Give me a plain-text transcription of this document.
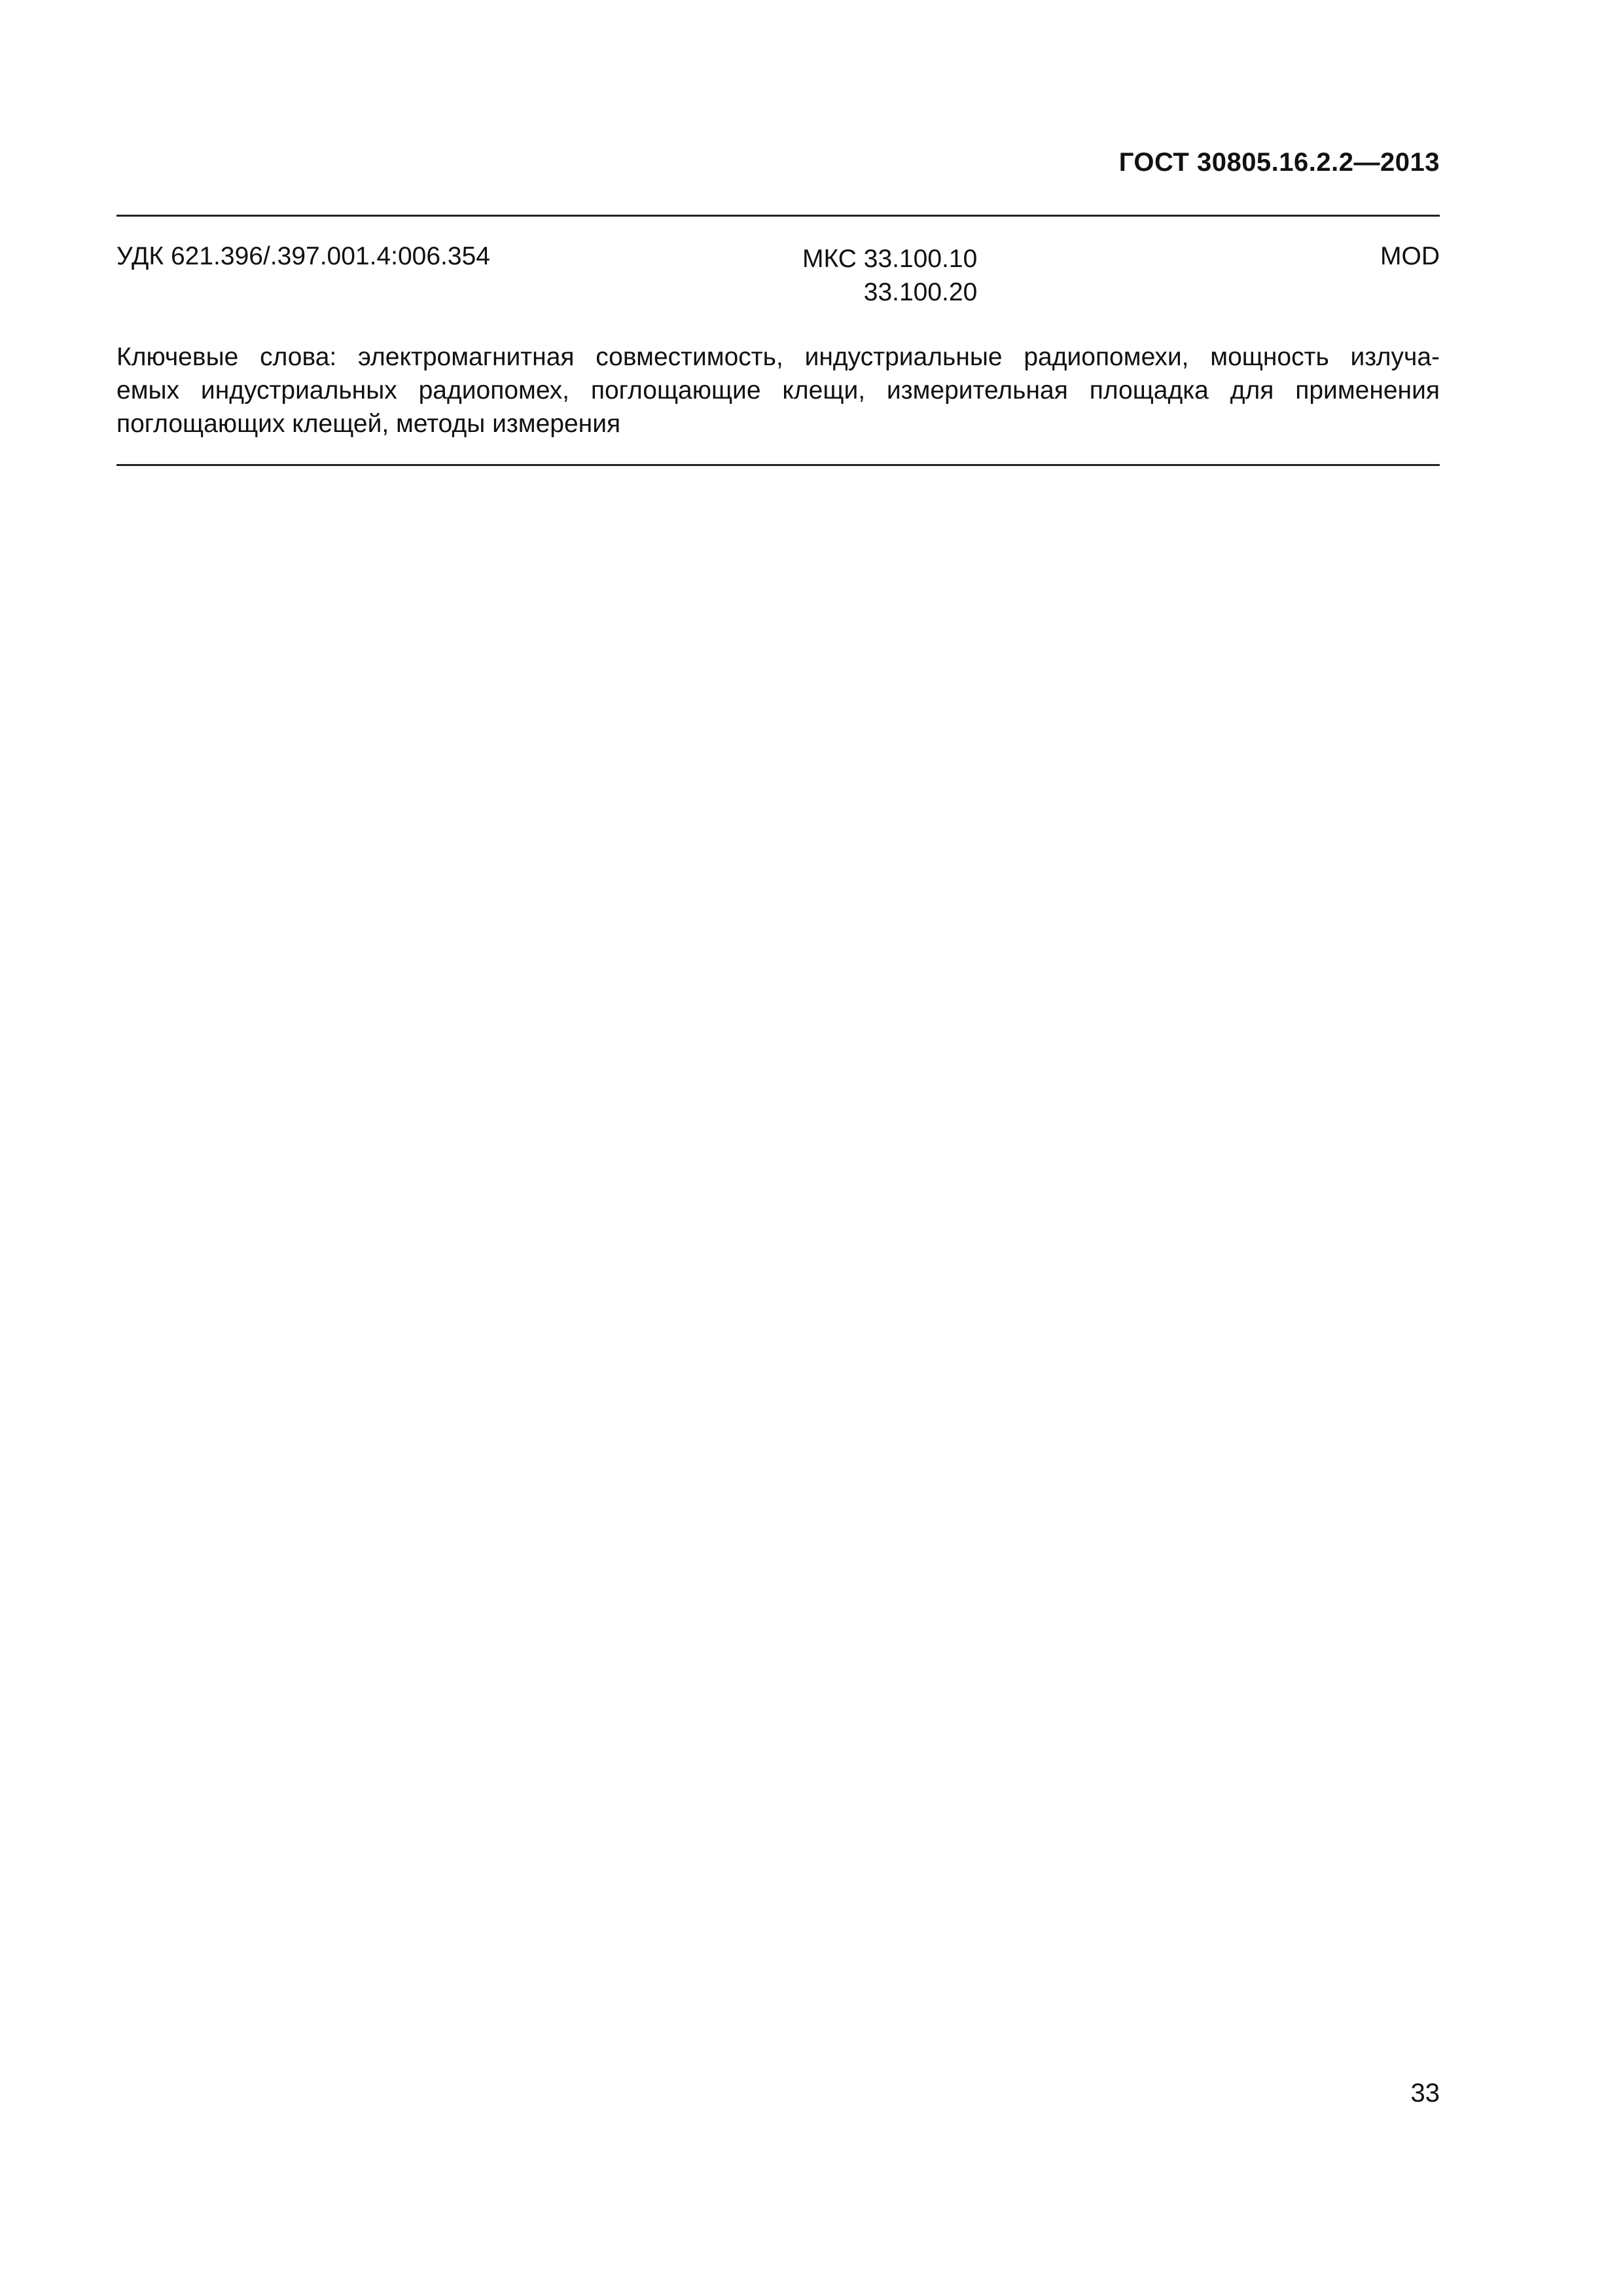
ГОСТ 30805.16.2.2—2013
УДК 621.396/.397.001.4:006.354	МКС 33.100.10
33.100.20
MOD
Ключевые слова: электромагнитная совместимость, индустриальные радиопомехи, мощность излуча-
емых индустриальных радиопомех, поглощающие клещи, измерительная площадка для применения
поглощающих клещей, методы измерения
33
